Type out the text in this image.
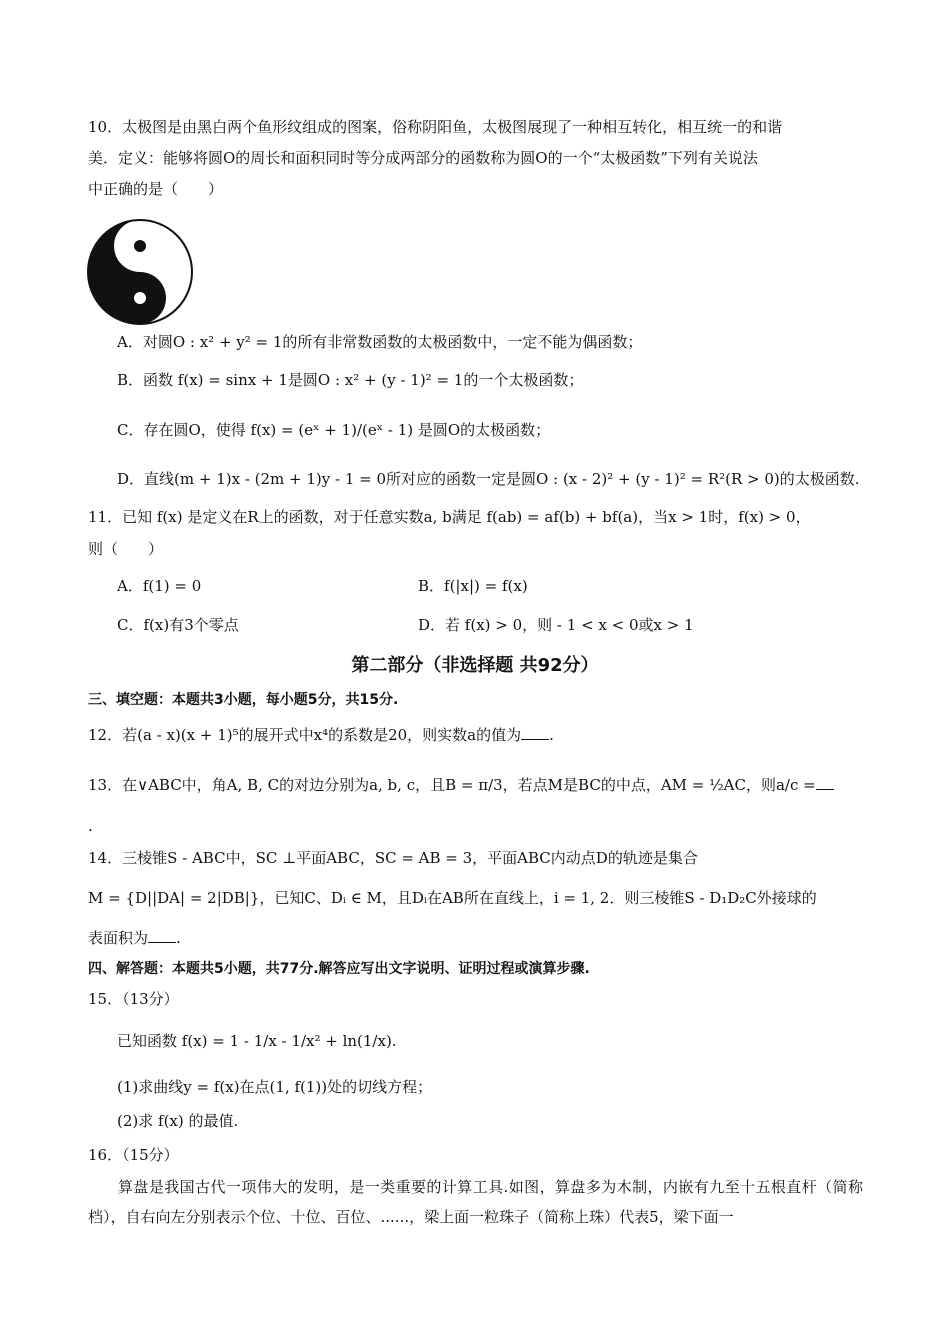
10．太极图是由黑白两个鱼形纹组成的图案，俗称阴阳鱼，太极图展现了一种相互转化，相互统一的和谐
美．定义：能够将圆O的周长和面积同时等分成两部分的函数称为圆O的一个“太极函数”下列有关说法
中正确的是（　　）
A．对圆O : x² + y² = 1的所有非常数函数的太极函数中，一定不能为偶函数；
B．函数 f(x) = sinx + 1是圆O : x² + (y - 1)² = 1的一个太极函数；
C．存在圆O，使得 f(x) = (eˣ + 1)/(eˣ - 1) 是圆O的太极函数；
D．直线(m + 1)x - (2m + 1)y - 1 = 0所对应的函数一定是圆O : (x - 2)² + (y - 1)² = R²(R > 0)的太极函数.
11．已知 f(x) 是定义在R上的函数，对于任意实数a, b满足 f(ab) = af(b) + bf(a)，当x > 1时，f(x) > 0，
则（　　）
A．f(1) = 0	B．f(|x|) = f(x)
C．f(x)有3个零点	D．若 f(x) > 0，则 - 1 < x < 0或x > 1
第二部分（非选择题 共92分）
三、填空题：本题共3小题，每小题5分，共15分.
12．若(a - x)(x + 1)⁵的展开式中x⁴的系数是20，则实数a的值为 .
13．在∨ABC中，角A, B, C的对边分别为a, b, c，且B = π/3，若点M是BC的中点，AM = ½AC，则a/c =
.
14．三棱锥S - ABC中，SC ⊥平面ABC，SC = AB = 3，平面ABC内动点D的轨迹是集合
M = {D||DA| = 2|DB|}，已知C、Dᵢ ∈ M，且Dᵢ在AB所在直线上，i = 1, 2．则三棱锥S - D₁D₂C外接球的
表面积为 .
四、解答题：本题共5小题，共77分.解答应写出文字说明、证明过程或演算步骤.
15．（13分）
已知函数 f(x) = 1 - 1/x - 1/x² + ln(1/x).
(1)求曲线y = f(x)在点(1, f(1))处的切线方程；
(2)求 f(x) 的最值.
16．（15分）
算盘是我国古代一项伟大的发明，是一类重要的计算工具.如图，算盘多为木制，内嵌有九至十五根直杆（简称档），自右向左分别表示个位、十位、百位、......，梁上面一粒珠子（简称上珠）代表5，梁下面一
